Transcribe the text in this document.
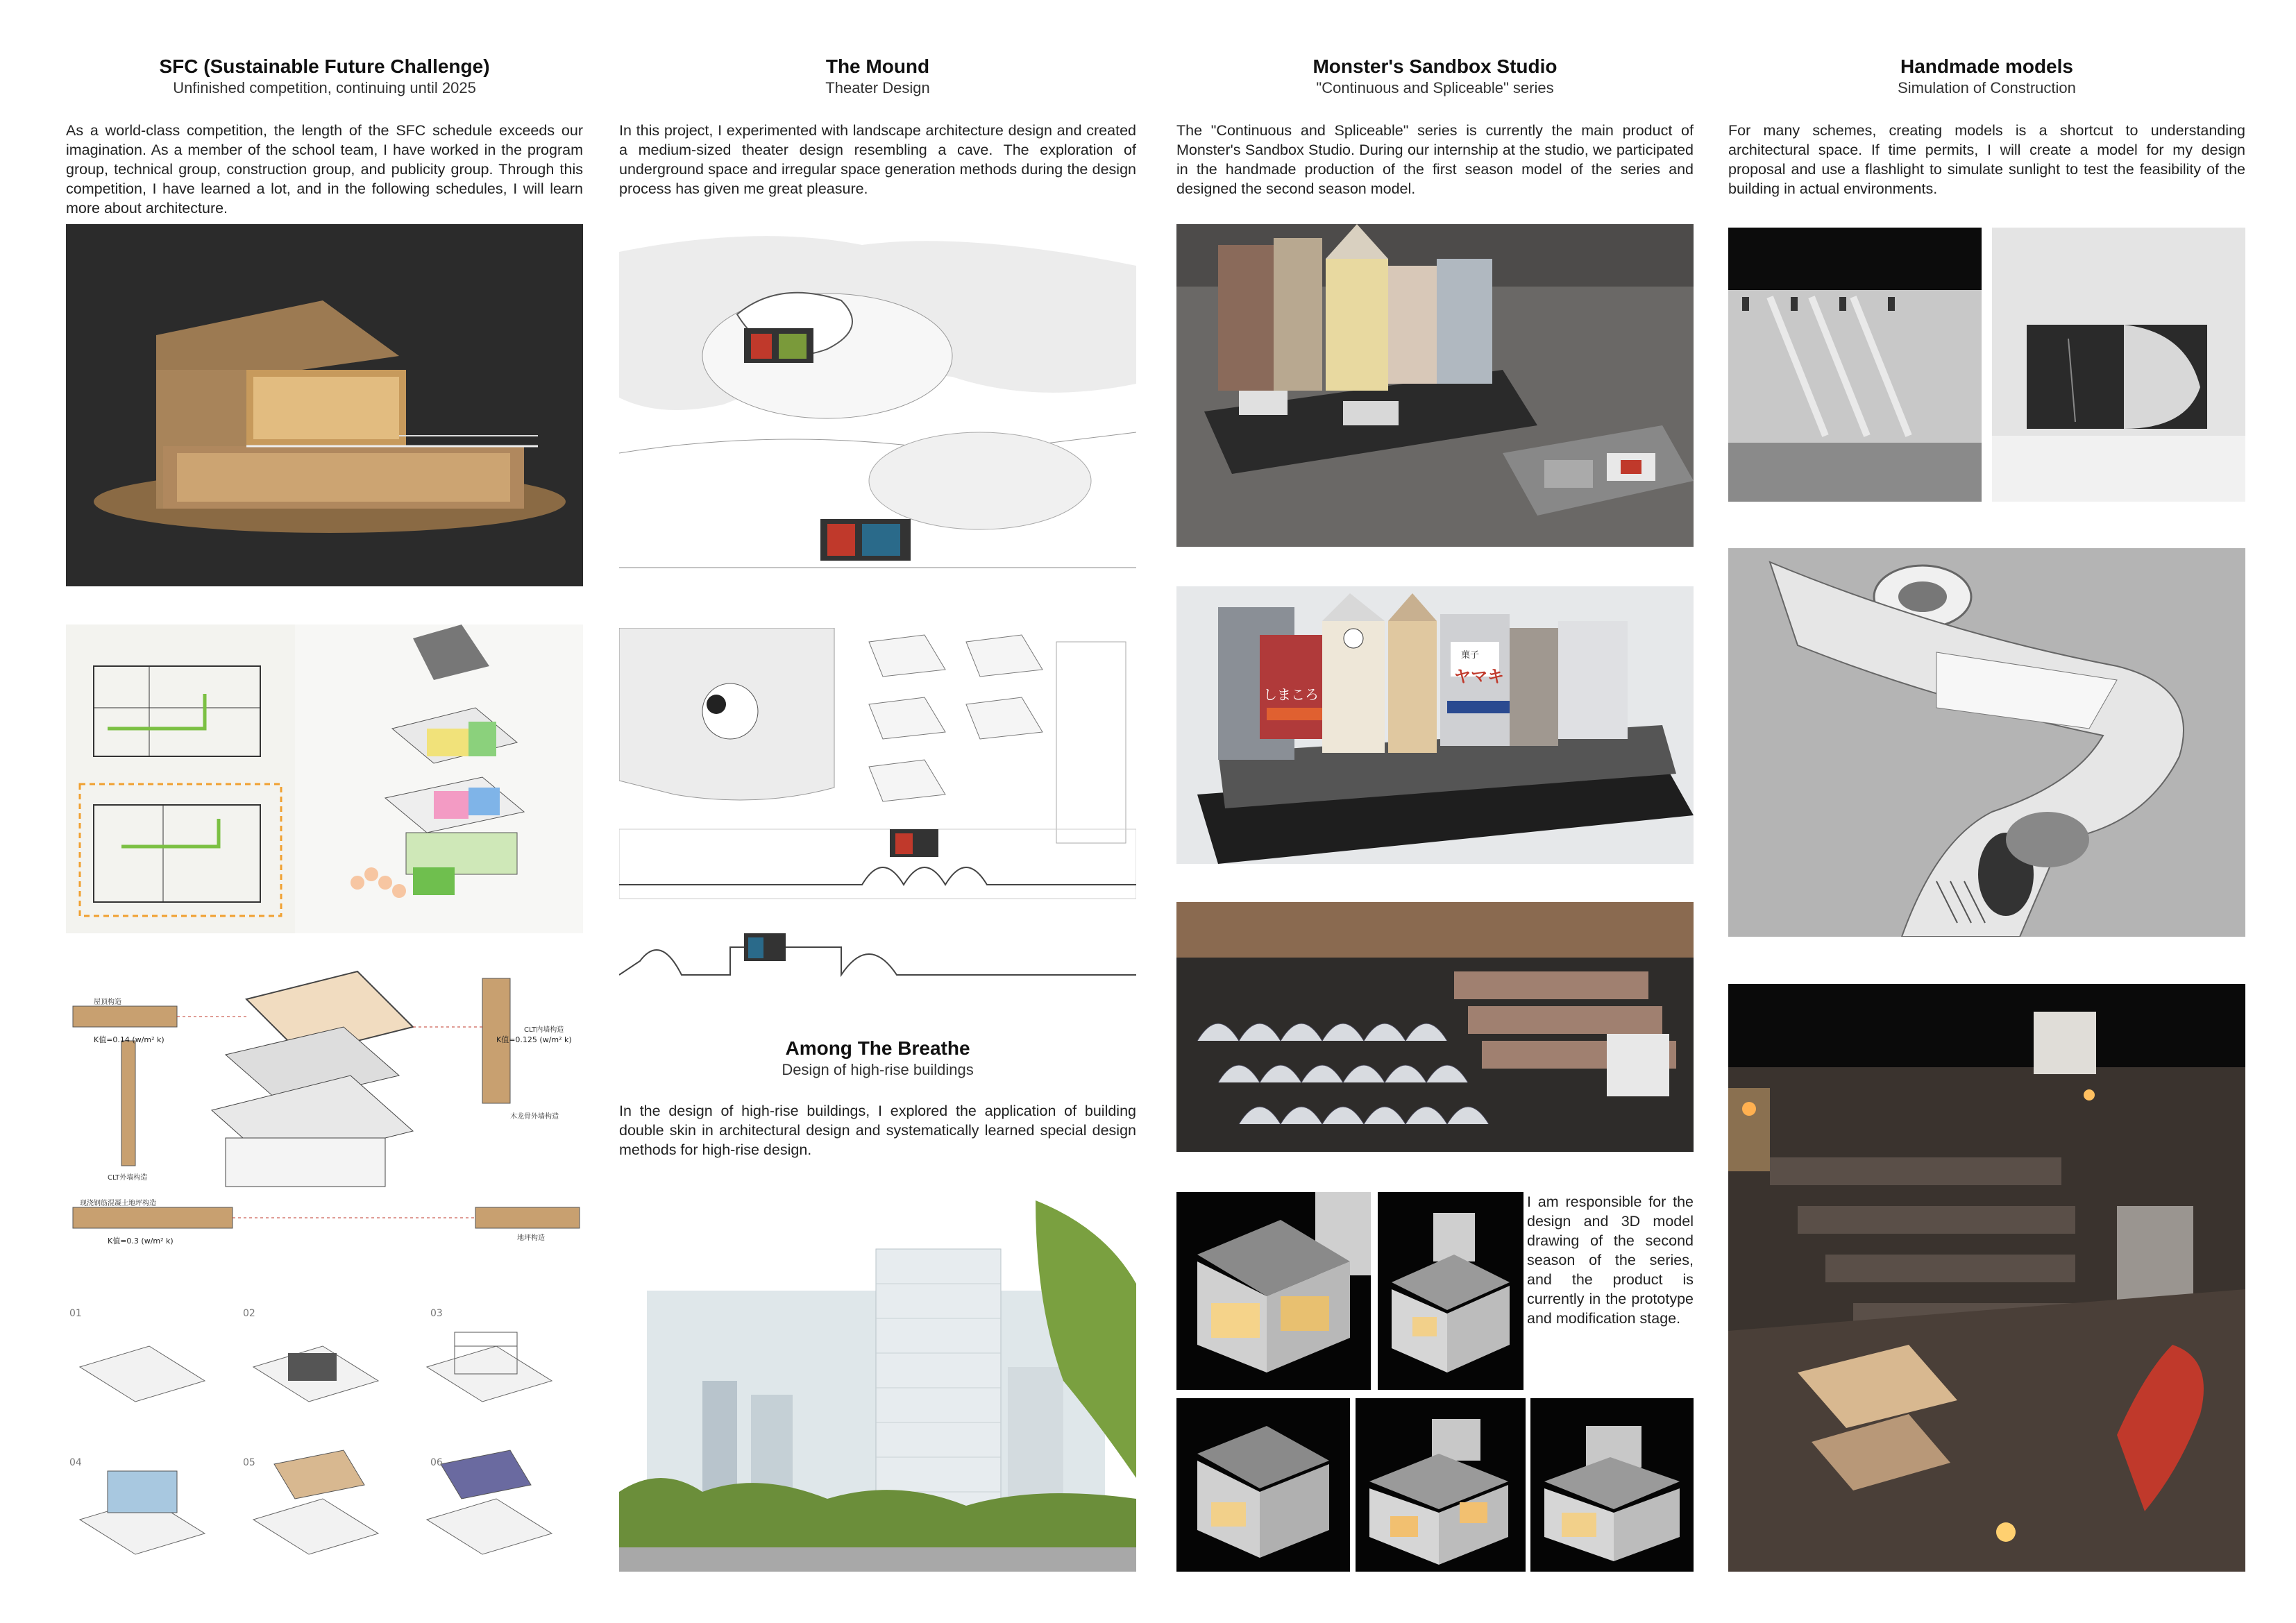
SFC (Sustainable Future Challenge)
Unfinished competition, continuing until 2025
As a world-class competition, the length of the SFC schedule exceeds our imagination. As a member of the school team, I have worked in the program group, technical group, construction group, and publicity group. Through this competition, I have learned a lot, and in the following schedules, I will learn more about architecture.
K值=0.14 (w/m² k)	K值=0.125 (w/m² k)
K值=0.3 (w/m² k)
屋顶构造
CLT内墙构造
CLT外墙构造
木龙骨外墙构造
地坪构造
现浇钢筋混凝土地坪构造
01	02	03
04	05	06
The Mound
Theater Design
In this project, I experimented with landscape architecture design and created a medium-sized theater design resembling a cave. The exploration of underground space and irregular space generation methods during the design process has given me great pleasure.
Among The Breathe
Design of high-rise buildings
In the design of high-rise buildings, I explored the application of building double skin in architectural design and systematically learned special design methods for high-rise design.
Monster's Sandbox Studio
"Continuous and Spliceable" series
The "Continuous and Spliceable" series is currently the main product of Monster's Sandbox Studio. During our internship at the studio, we participated in the handmade production of the first season model of the series and designed the second season model.
しまころ
ヤマキ
菓子
I am responsible for the design and 3D model drawing of the second season of the series, and the product is currently in the prototype and modification stage.
Handmade models
Simulation of Construction
For many schemes, creating models is a shortcut to understanding architectural space. If time permits, I will create a model for my design proposal and use a flashlight to simulate sunlight to test the feasibility of the building in actual environments.
